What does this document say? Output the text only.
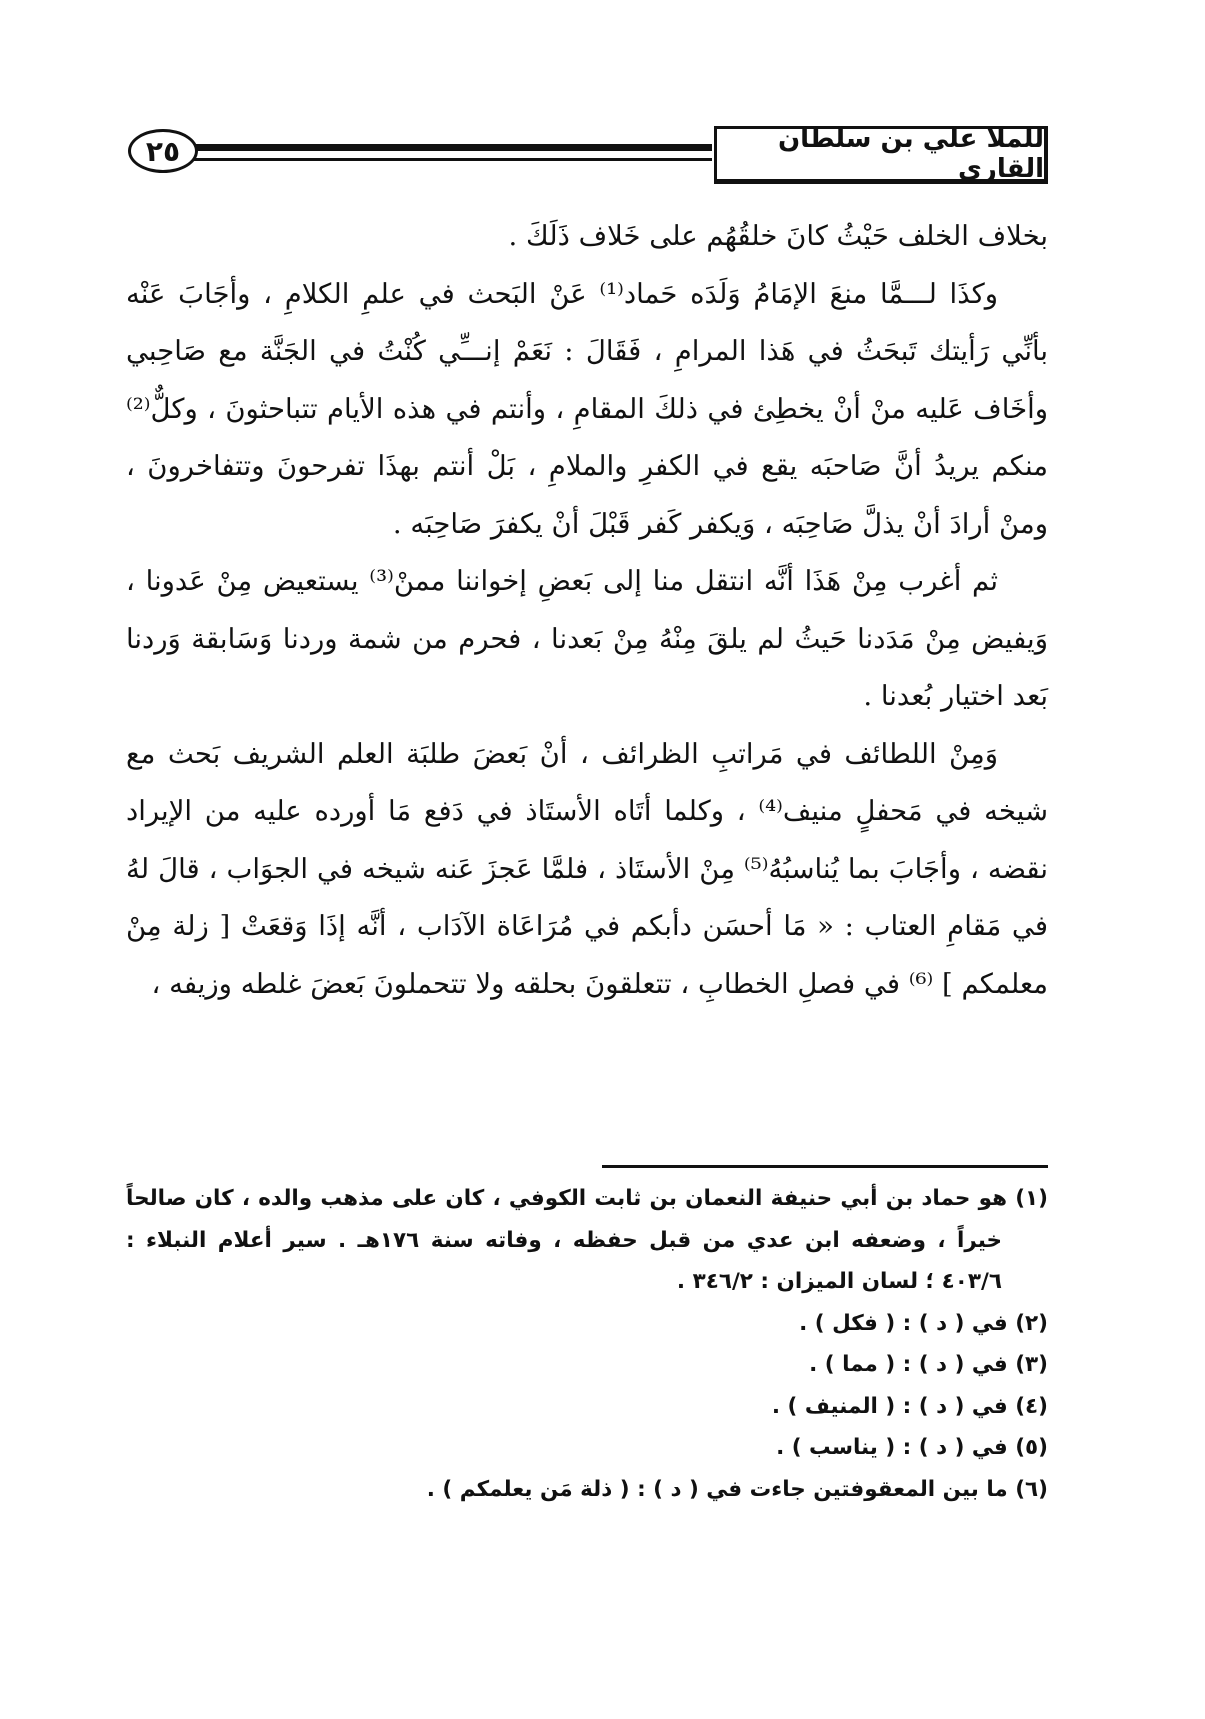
للملا علي بن سلطان القاري
٢٥

بخلاف الخلف حَيْثُ كانَ خلقُهُم على خَلاف ذَلَكَ .

وكذَا لـــمَّا منعَ الإمَامُ وَلَدَه حَماد⁽¹⁾ عَنْ البَحث في علمِ الكلامِ ، وأجَابَ عَنْه بأنِّي رَأيتك تَبحَثُ في هَذا المرامِ ، فَقَالَ : نَعَمْ إنـــِّي كُنْتُ في الجَنَّة مع صَاحِبي وأخَاف عَليه منْ أنْ يخطِئ في ذلكَ المقامِ ، وأنتم في هذه الأيام تتباحثونَ ، وكلٌّ⁽²⁾ منكم يريدُ أنَّ صَاحبَه يقع في الكفرِ والملامِ ، بَلْ أنتم بهذَا تفرحونَ وتتفاخرونَ ، ومنْ أرادَ أنْ يذلَّ صَاحِبَه ، وَيكفر كَفر قَبْلَ أنْ يكفرَ صَاحِبَه .

ثم أغرب مِنْ هَذَا أنَّه انتقل منا إلى بَعضِ إخواننا ممنْ⁽³⁾ يستعيض مِنْ عَدونا ، وَيفيض مِنْ مَدَدنا حَيثُ لم يلقَ مِنْهُ مِنْ بَعدنا ، فحرم من شمة وردنا وَسَابقة وَردنا بَعد اختيار بُعدنا .

وَمِنْ اللطائف في مَراتبِ الظرائف ، أنْ بَعضَ طلبَة العلم الشريف بَحث مع شيخه في مَحفلٍ منيف⁽⁴⁾ ، وكلما أتَاه الأستَاذ في دَفع مَا أورده عليه من الإيراد نقضه ، وأجَابَ بما يُناسبُهُ⁽⁵⁾ مِنْ الأستَاذ ، فلمَّا عَجزَ عَنه شيخه في الجوَاب ، قالَ لهُ في مَقامِ العتاب : « مَا أحسَن دأبكم في مُرَاعَاة الآدَاب ، أنَّه إذَا وَقعَتْ [ زلة مِنْ معلمكم ] ⁽⁶⁾ في فصلِ الخطابِ ، تتعلقونَ بحلقه ولا تتحملونَ بَعضَ غلطه وزيفه ،

(١) هو حماد بن أبي حنيفة النعمان بن ثابت الكوفي ، كان على مذهب والده ، كان صالحاً خيراً ، وضعفه ابن عدي من قبل حفظه ، وفاته سنة ١٧٦هـ . سير أعلام النبلاء : ٤٠٣/٦ ؛ لسان الميزان : ٣٤٦/٢ .

(٢) في ( د ) : ( فكل ) .

(٣) في ( د ) : ( مما ) .

(٤) في ( د ) : ( المنيف ) .

(٥) في ( د ) : ( يناسب ) .

(٦) ما بين المعقوفتين جاءت في ( د ) : ( ذلة مَن يعلمكم ) .
